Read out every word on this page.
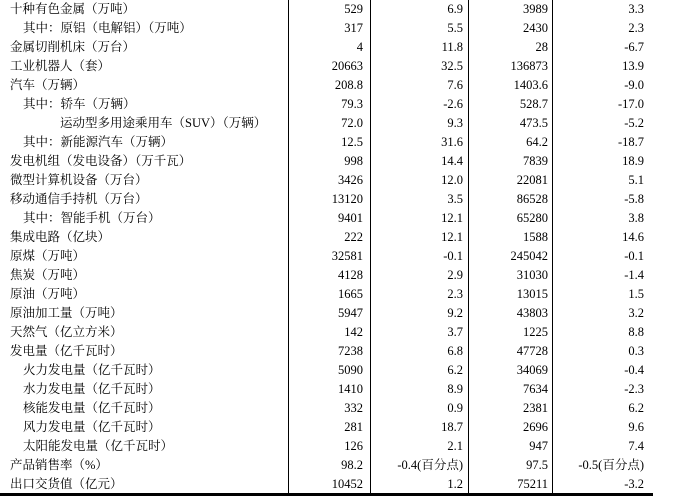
十种有色金属（万吨）	529	6.9	3989	3.3
其中：原铝（电解铝）（万吨）	317	5.5	2430	2.3
金属切削机床（万台）	4	11.8	28	-6.7
工业机器人（套）	20663	32.5	136873	13.9
汽车（万辆）	208.8	7.6	1403.6	-9.0
其中：轿车（万辆）	79.3	-2.6	528.7	-17.0
运动型多用途乘用车（SUV）（万辆）	72.0	9.3	473.5	-5.2
其中：新能源汽车（万辆）	12.5	31.6	64.2	-18.7
发电机组（发电设备）（万千瓦）	998	14.4	7839	18.9
微型计算机设备（万台）	3426	12.0	22081	5.1
移动通信手持机（万台）	13120	3.5	86528	-5.8
其中：智能手机（万台）	9401	12.1	65280	3.8
集成电路（亿块）	222	12.1	1588	14.6
原煤（万吨）	32581	-0.1	245042	-0.1
焦炭（万吨）	4128	2.9	31030	-1.4
原油（万吨）	1665	2.3	13015	1.5
原油加工量（万吨）	5947	9.2	43803	3.2
天然气（亿立方米）	142	3.7	1225	8.8
发电量（亿千瓦时）	7238	6.8	47728	0.3
火力发电量（亿千瓦时）	5090	6.2	34069	-0.4
水力发电量（亿千瓦时）	1410	8.9	7634	-2.3
核能发电量（亿千瓦时）	332	0.9	2381	6.2
风力发电量（亿千瓦时）	281	18.7	2696	9.6
太阳能发电量（亿千瓦时）	126	2.1	947	7.4
产品销售率（%）	98.2	-0.4(百分点)	97.5	-0.5(百分点)
出口交货值（亿元）	10452	1.2	75211	-3.2
